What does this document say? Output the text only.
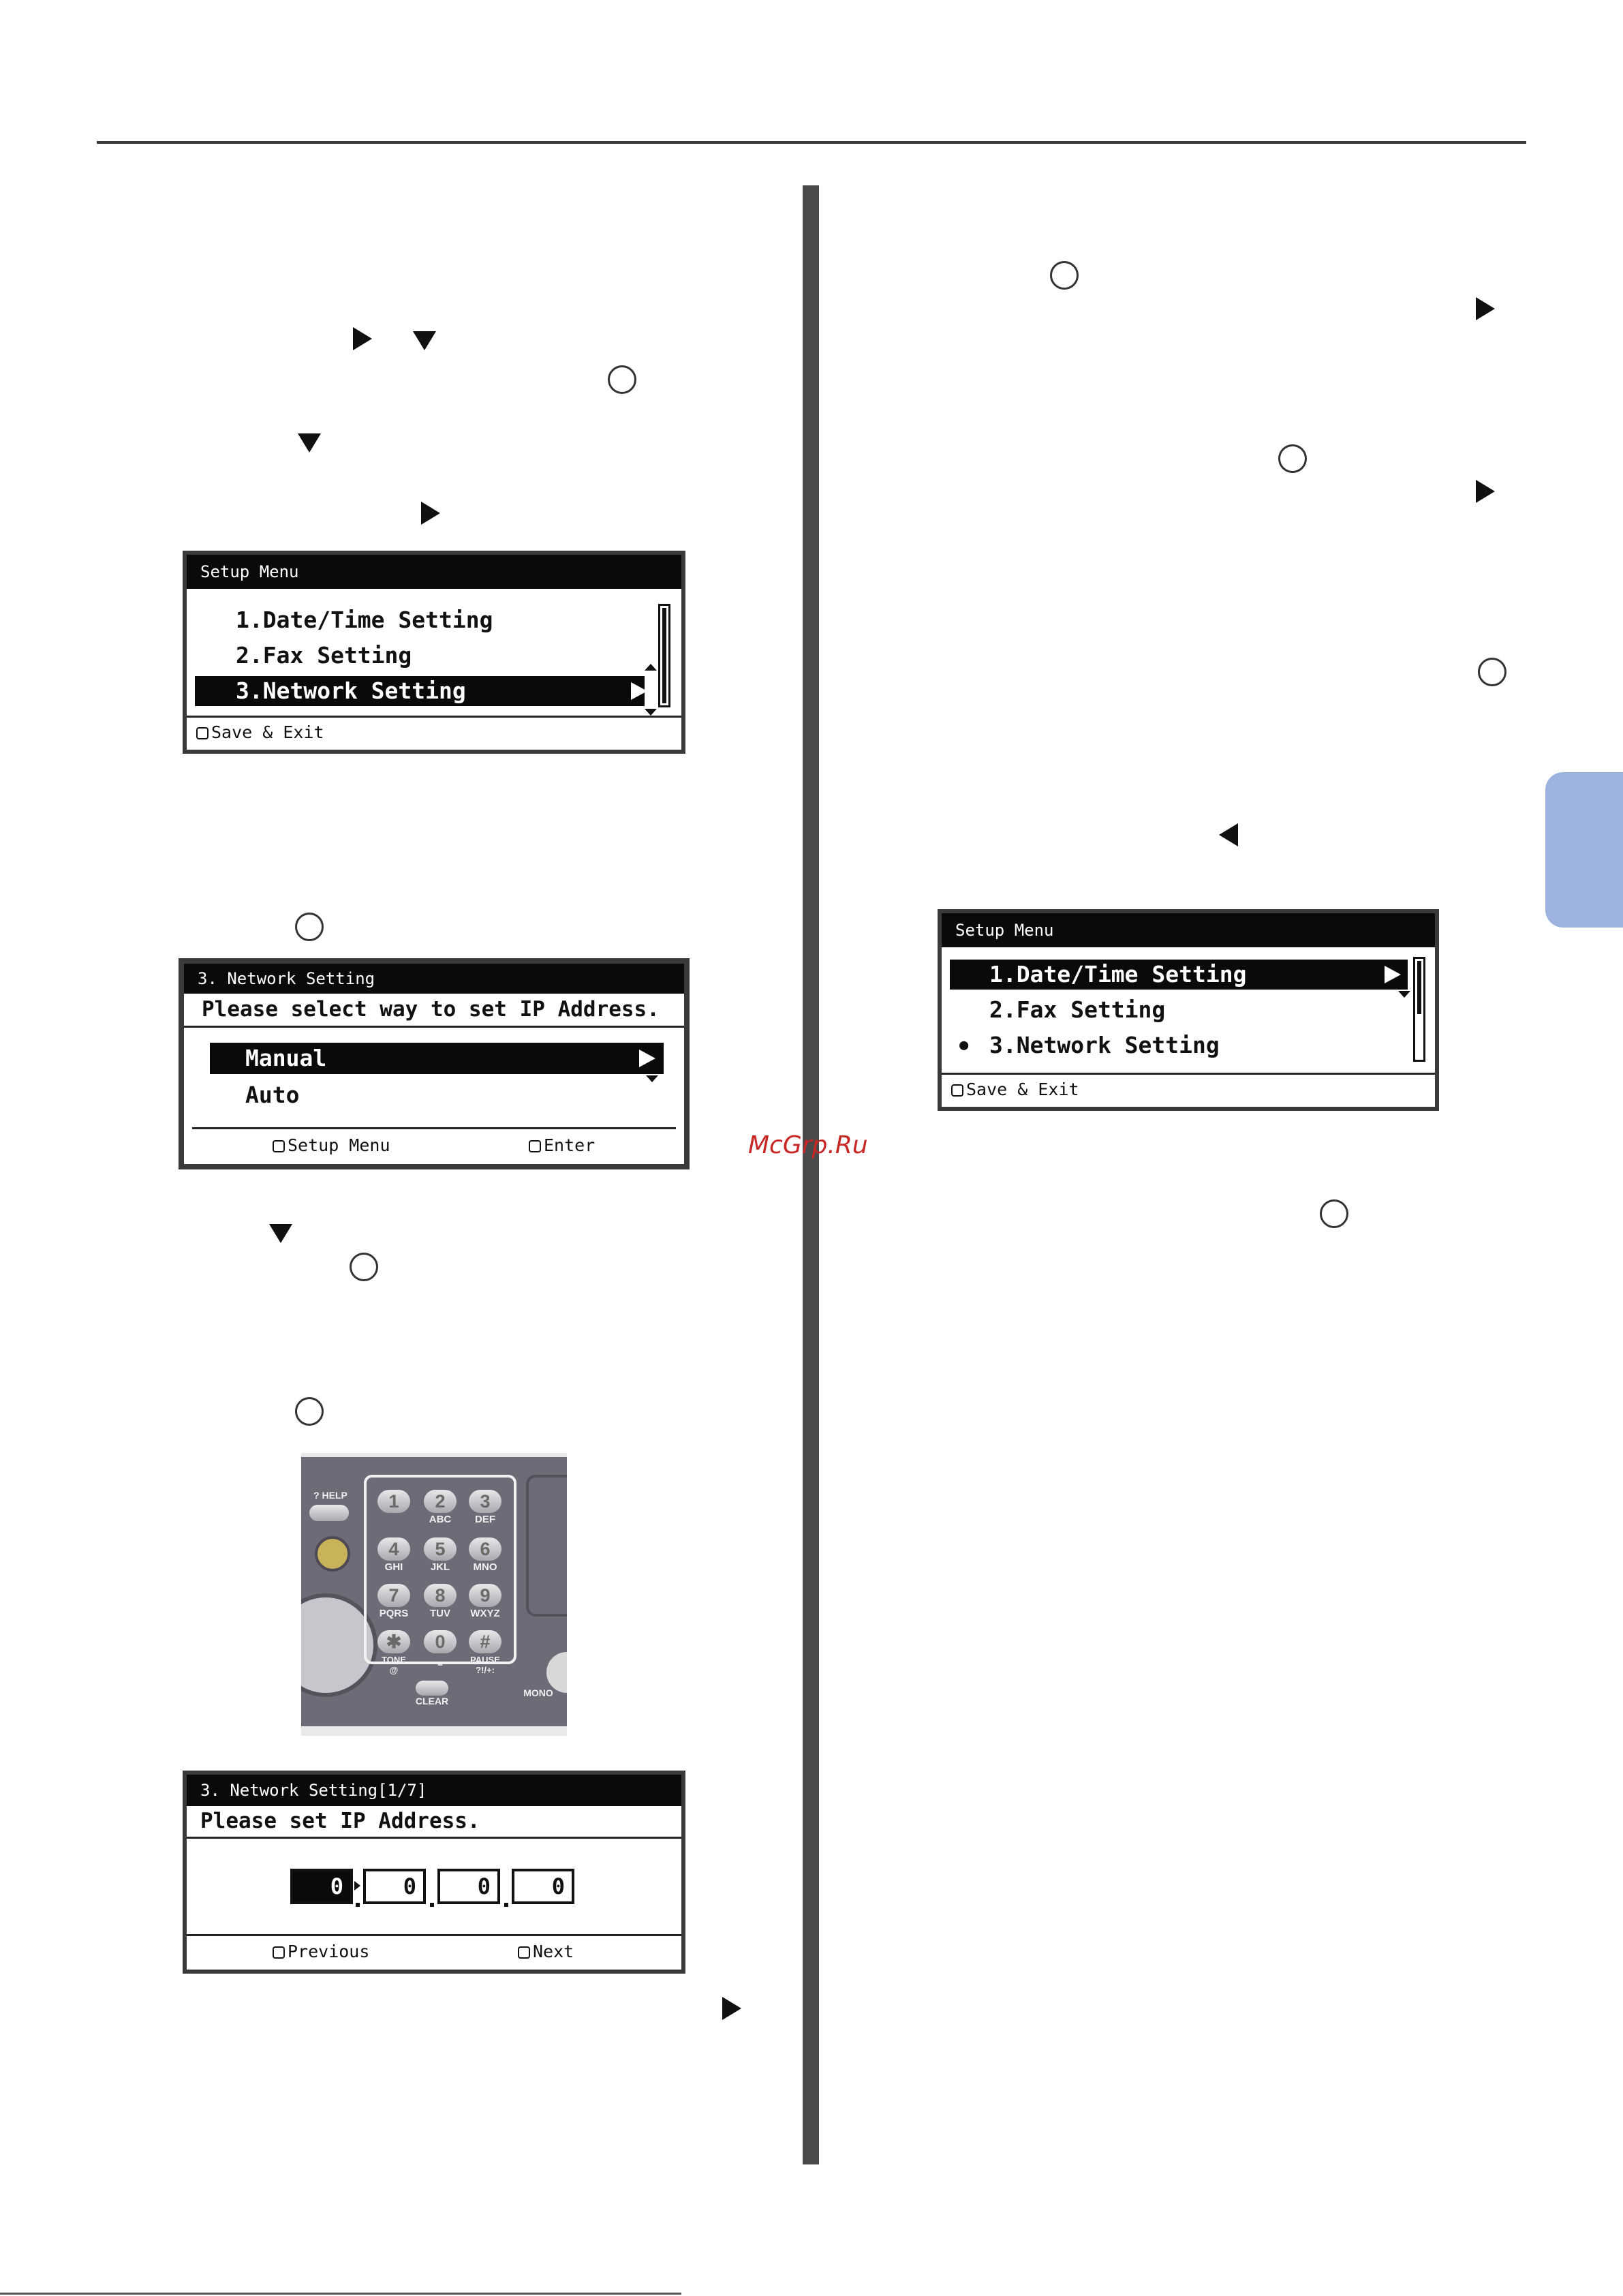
McGrp.Ru
Setup Menu
1.Date/Time Setting
2.Fax Setting
3.Network Setting
Save & Exit
3. Network Setting
Please select way to set IP Address.
Manual
Auto
Setup Menu	Enter
? HELP	1	2
ABC
3
DEF
4
GHI
5
JKL
6
MNO
7
PQRS
8
TUV
9
WXYZ
✱
TONE
@
0
⎵
#
PAUSE
?!/+:
CLEAR
MONO
3. Network Setting[1/7]
Please set IP Address.
Previous	Next
0	0	0	0
Setup Menu
1.Date/Time Setting
2.Fax Setting
● 3.Network Setting
Save & Exit
